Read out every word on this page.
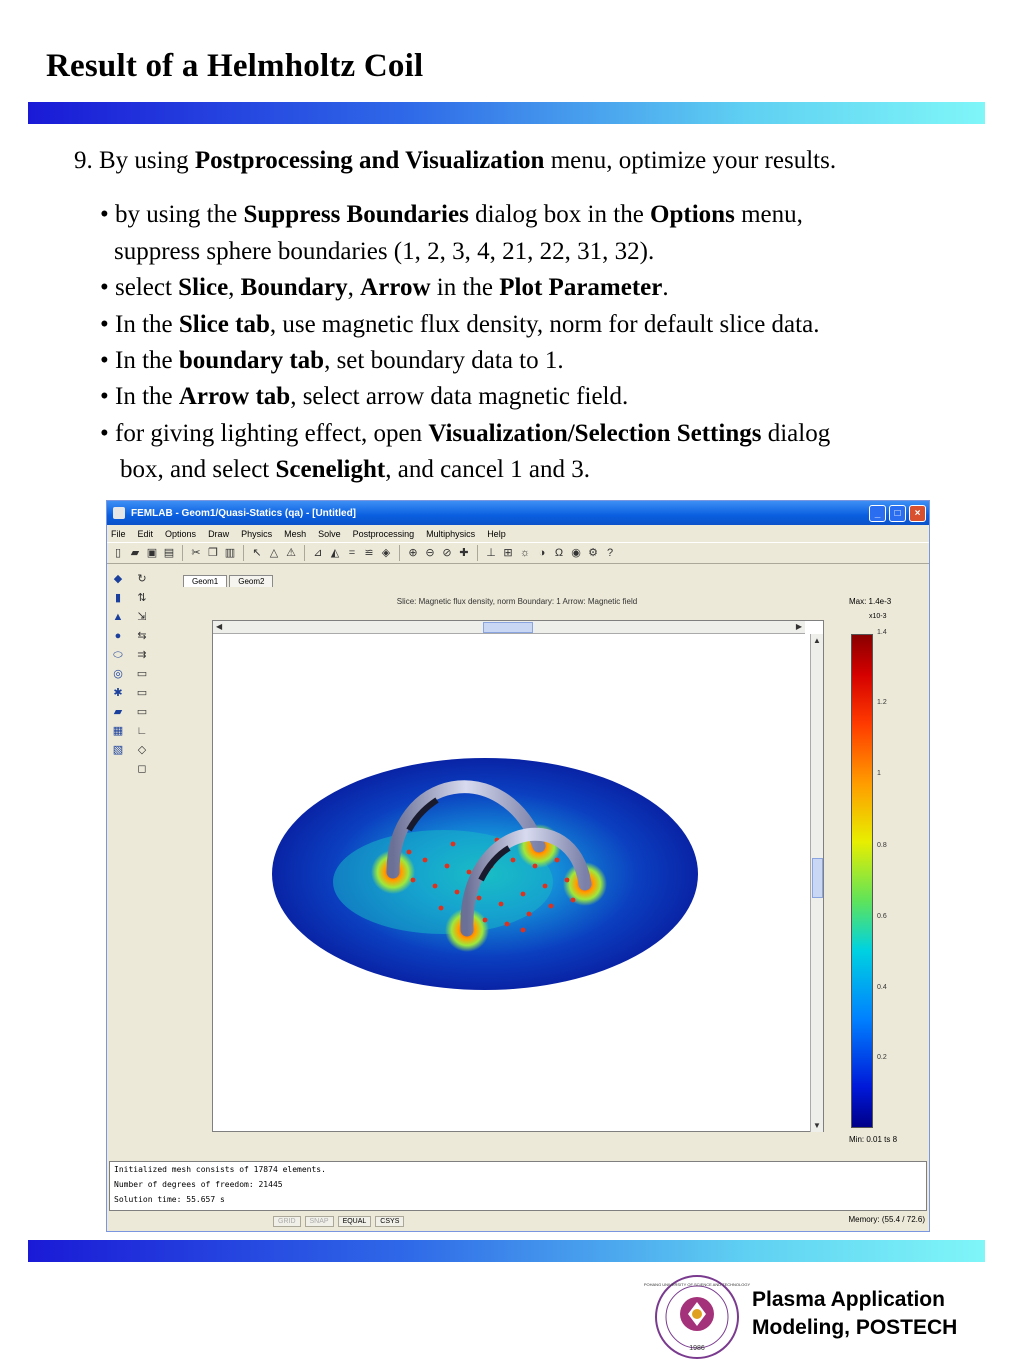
Result of a Helmholtz Coil
9. By using Postprocessing and Visualization menu, optimize your results.
• by using the Suppress Boundaries dialog box in the Options menu,
suppress sphere boundaries (1, 2, 3, 4, 21, 22, 31, 32).
• select Slice, Boundary, Arrow in the Plot Parameter.
• In the Slice tab, use magnetic flux density, norm for default slice data.
• In the boundary tab, set boundary data to 1.
• In the Arrow tab, select arrow data magnetic field.
• for giving lighting effect, open Visualization/Selection Settings dialog
box, and select Scenelight, and cancel 1 and 3.
FEMLAB - Geom1/Quasi-Statics (qa) - [Untitled]	_	□	×
File Edit Options Draw Physics Mesh Solve Postprocessing Multiphysics Help
▯ ▰ ▣ ▤ ✂ ❐ ▥ ↖ △ ⚠ ⊿ ◭ = ≌ ◈ ⊕ ⊖ ⊘ ✚ ⊥ ⊞ ☼ ◑ Ω ◉ ⚙ ?
◆
▮
▲
●
⬭
◎
✱
▰
▦
▧
↻
⇅
⇲
⇆
⇉
▭
▭
▭
∟
◇
◻
Geom1	Geom2
Slice: Magnetic flux density, norm Boundary: 1 Arrow: Magnetic field	Max: 1.4e-3
x10-3
◀	▶
▲
▼
1.4
1.2
1
0.8
0.6
0.4
0.2
Min: 0.01 ts 8
Initialized mesh consists of 17874 elements.
Number of degrees of freedom: 21445
Solution time: 55.657 s
GRID	SNAP	EQUAL	CSYS	Memory: (55.4 / 72.6)
1986
POHANG UNIVERSITY OF SCIENCE AND TECHNOLOGY
Plasma Application
Modeling, POSTECH
